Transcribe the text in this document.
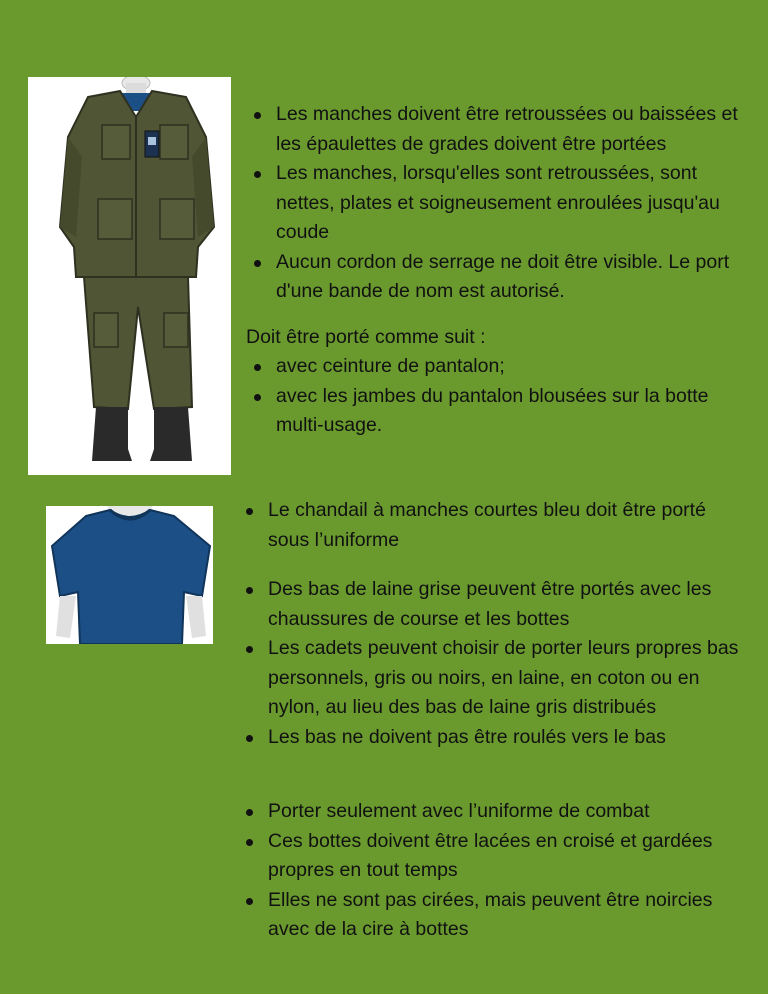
Les manches doivent être retroussées ou baissées et les épaulettes de grades doivent être portées
Les manches, lorsqu'elles sont retroussées, sont nettes, plates et soigneusement enroulées jusqu'au coude
Aucun cordon de serrage ne doit être visible. Le port d'une bande de nom est autorisé.

Doit être porté comme suit :

avec ceinture de pantalon;
avec les jambes du pantalon blousées sur la botte multi-usage.
Le chandail à manches courtes bleu doit être porté sous l’uniforme
Des bas de laine grise peuvent être portés avec les chaussures de course et les bottes
Les cadets peuvent choisir de porter leurs propres bas personnels, gris ou noirs, en laine, en coton ou en nylon, au lieu des bas de laine gris distribués
Les bas ne doivent pas être roulés vers le bas
Porter seulement avec l’uniforme de combat
Ces bottes doivent être lacées en croisé et gardées propres en tout temps
Elles ne sont pas cirées, mais peuvent être noircies avec de la cire à bottes
